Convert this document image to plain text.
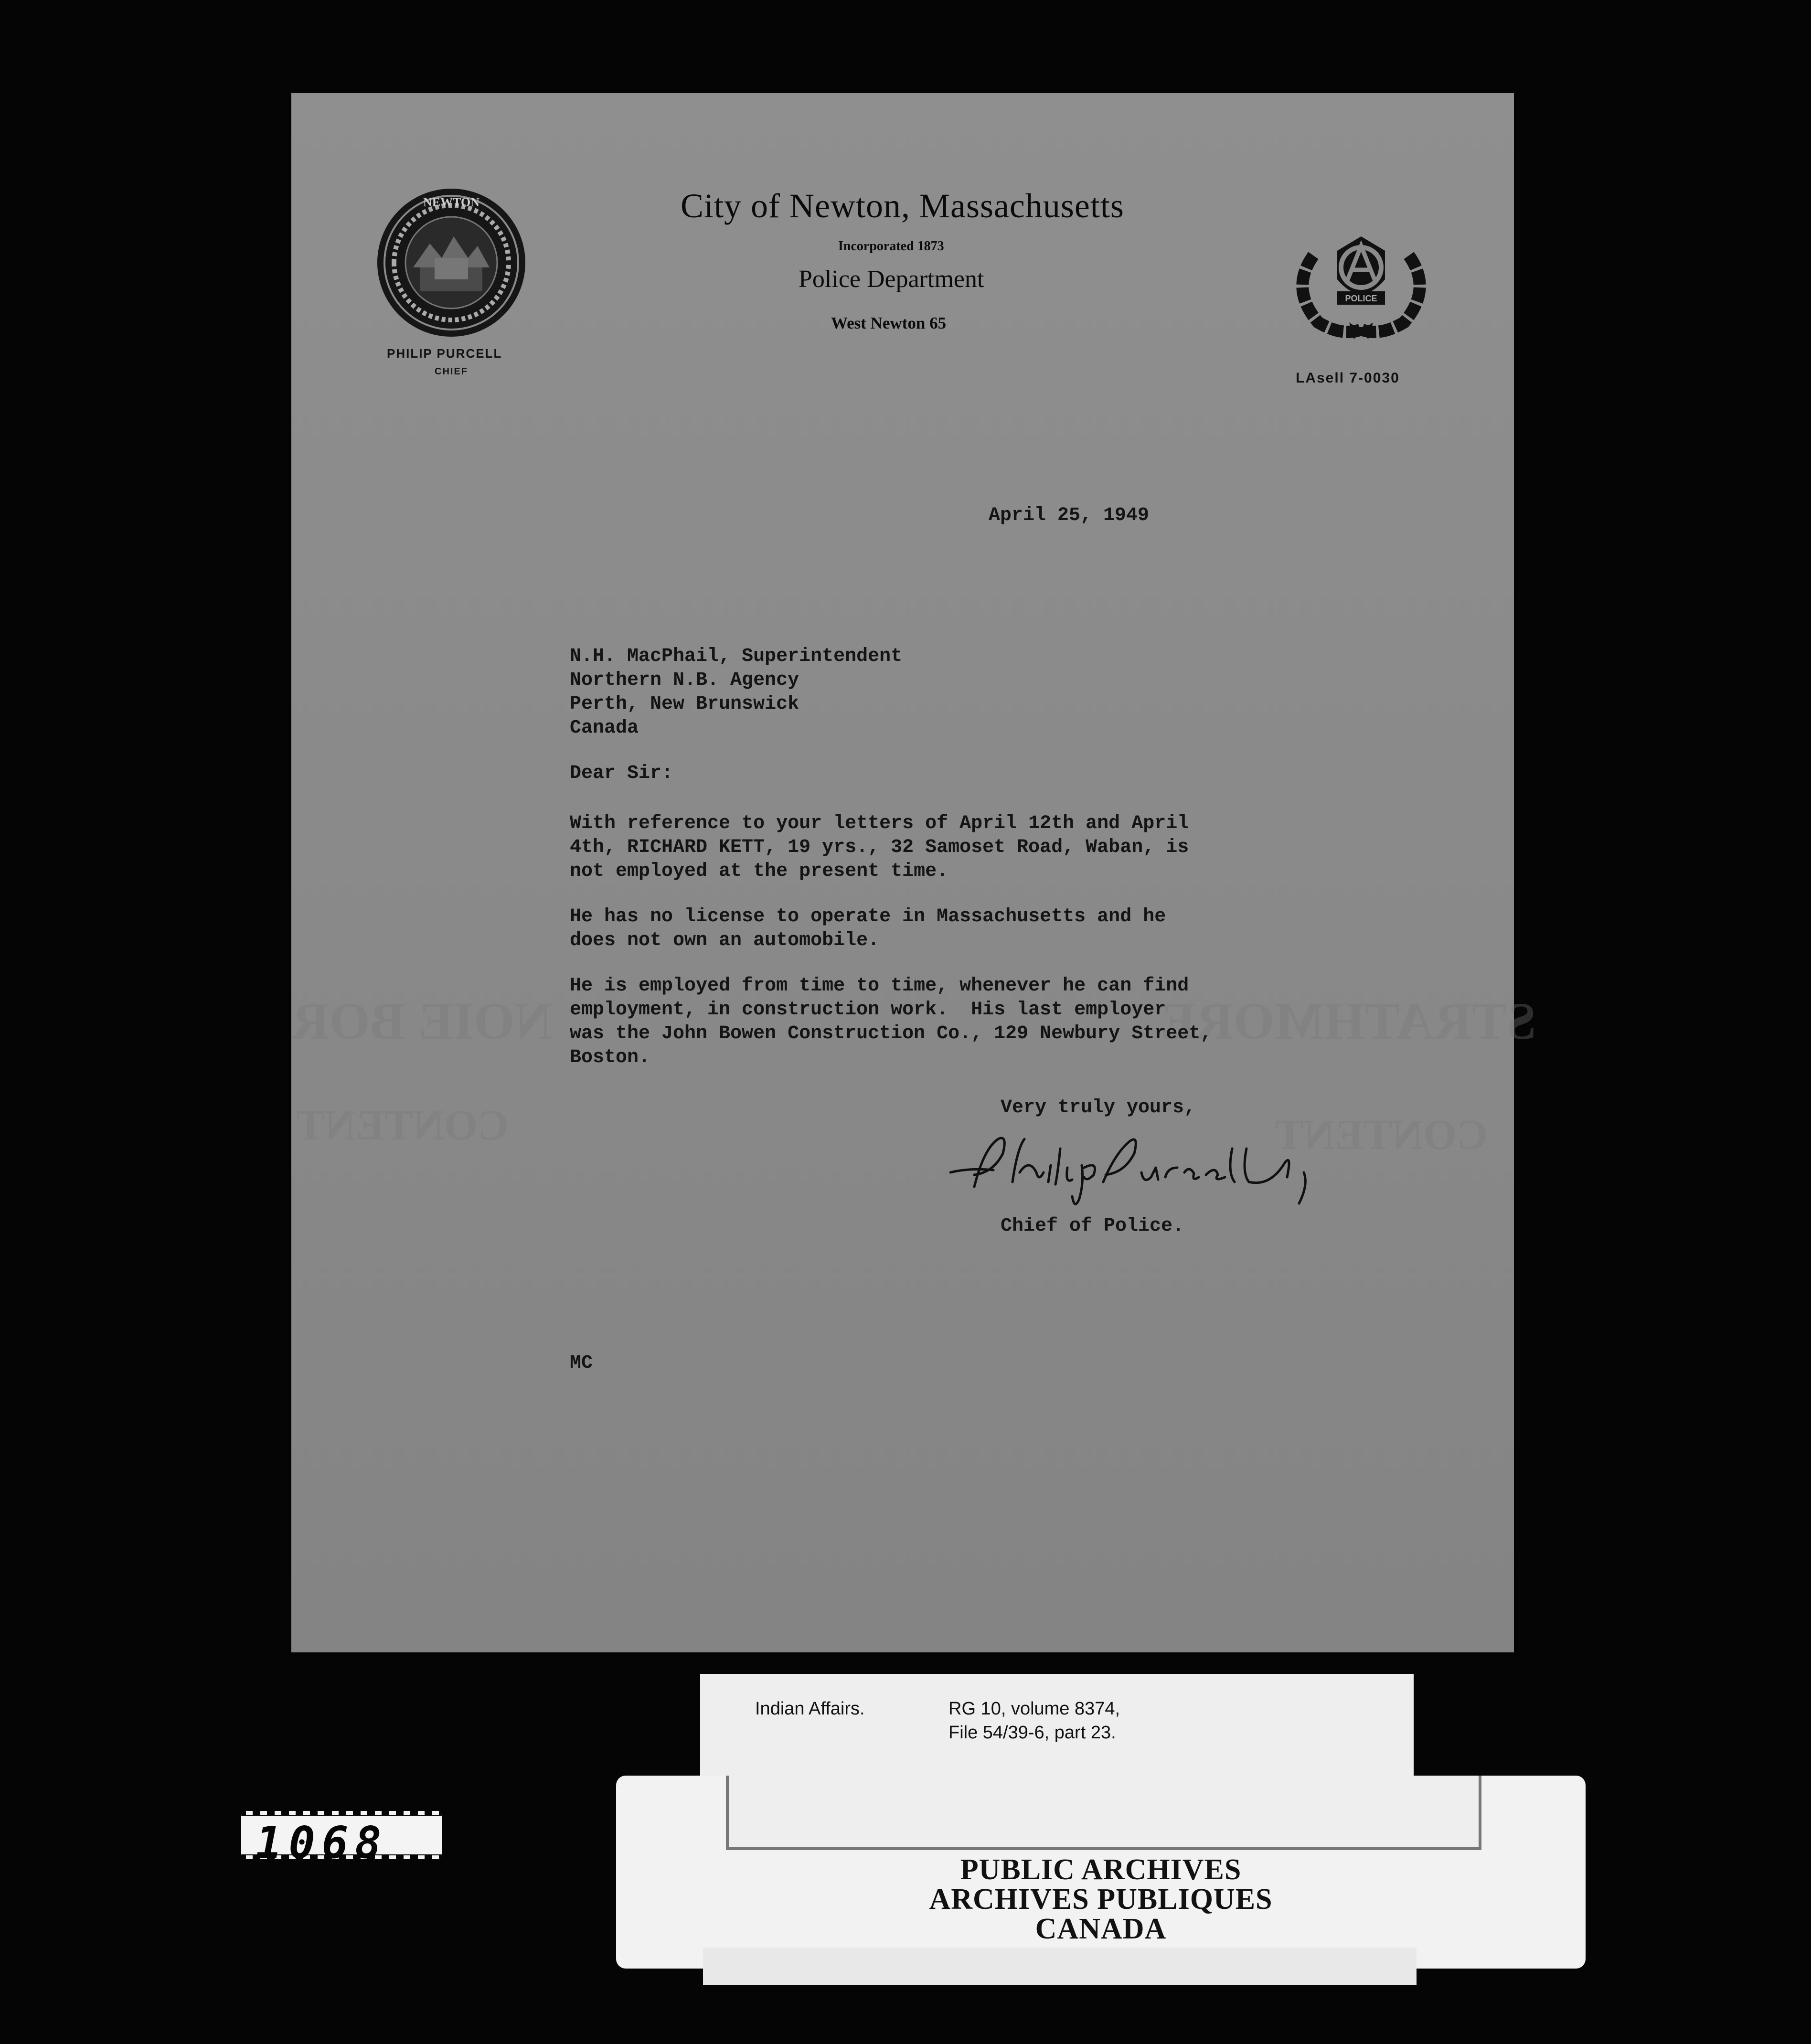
NOIE BOR	STRATHMORE
CONTENT	CONTENT
NEWTON
PHILIP PURCELL
CHIEF
City of Newton, Massachusetts
Incorporated 1873
Police Department
West Newton 65
POLICE
LAsell 7-0030
April 25, 1949
N.H. MacPhail, Superintendent
Northern N.B. Agency
Perth, New Brunswick
Canada
Dear Sir:
With reference to your letters of April 12th and April
4th, RICHARD KETT, 19 yrs., 32 Samoset Road, Waban, is
not employed at the present time.
He has no license to operate in Massachusetts and he
does not own an automobile.
He is employed from time to time, whenever he can find
employment, in construction work.  His last employer
was the John Bowen Construction Co., 129 Newbury Street,
Boston.
Very truly yours,
Chief of Police.
MC
Indian Affairs.	RG 10, volume 8374,
File 54/39-6, part 23.
PUBLIC ARCHIVES
ARCHIVES PUBLIQUES
CANADA
1068
